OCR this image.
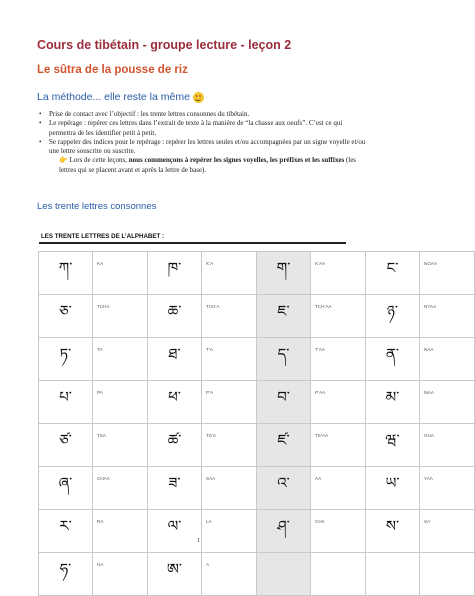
Cours de tibétain - groupe lecture - leçon 2
Le sûtra de la pousse de riz
La méthode... elle reste la même
• Prise de contact avec l’objectif : les trente lettres consonnes du tibétain.
• Le repérage : repérer ces lettres dans l’extrait de texte à la manière de “la chasse aux oeufs”. C’est ce qui permettra de les identifier petit à petit.
• Se rappeler des indices pour le repérage : repérer les lettres seules et/ou accompagnées par un signe voyelle et/ou une lettre souscrite ou suscrite.
👉 Lors de cette leçons, nous commençons à repérer les signes voyelles, les préfixes et les suffixes (les lettres qui se placent avant et après la lettre de base).
Les trente lettres consonnes
LES TRENTE LETTRES DE L’ALPHABET :
ཀ་	KA	ཁ་	K’A	ག་	K’AA	ང་	NGAA
ཅ་	TCHA	ཆ་	TCH’A	ཇ་	TCH’AA	ཉ་	NYAA
ཏ་	TA	ཐ་	T’A	ད་	T’AA	ན་	NAA
པ་	PA	ཕ་	P’A	བ་	P’AA	མ་	MAA
ཙ་	TSA	ཚ་	TS’A	ཛ་	TS’AA	ཝ་	OUA
ཞ་	CHAA	ཟ་	SAA	འ་	AA	ཡ་	YAA
ར་	RA	ལ་	LA	ཤ་	CHA	ས་	SA
ཧ་	HA	ཨ་	A				
1
